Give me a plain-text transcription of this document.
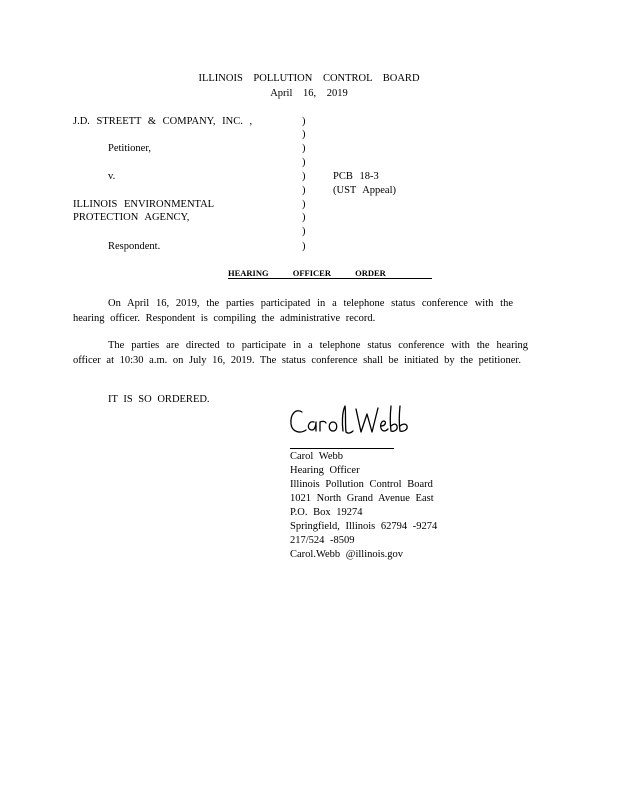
ILLINOIS POLLUTION CONTROL BOARD
April 16, 2019
J.D. STREETT & COMPANY, INC. ,
Petitioner,
v.
ILLINOIS ENVIRONMENTAL
PROTECTION AGENCY,
Respondent.
)
)
)
)
)
)
)
)
)
)
PCB 18-3
(UST Appeal)
HEARING OFFICER ORDER
On April 16, 2019, the parties participated in a telephone status conference with the hearing officer. Respondent is compiling the administrative record.
The parties are directed to participate in a telephone status conference with the hearing officer at 10:30 a.m. on July 16, 2019. The status conference shall be initiated by the petitioner.
IT IS SO ORDERED.
Carol Webb
Hearing Officer
Illinois Pollution Control Board
1021 North Grand Avenue East
P.O. Box 19274
Springfield, Illinois 62794 -9274
217/524 -8509
Carol.Webb @illinois.gov
